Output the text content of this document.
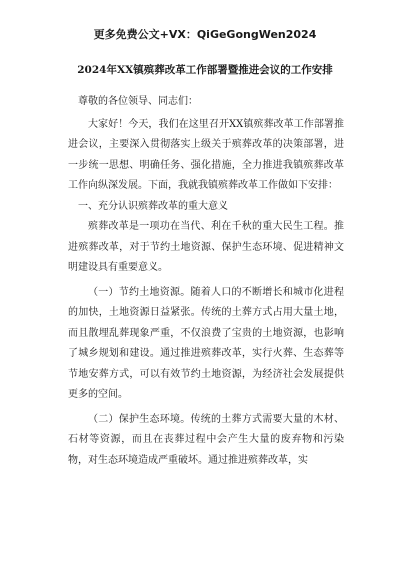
更多免费公文+VX：QiGeGongWen2024
2024年XX镇殡葬改革工作部署暨推进会议的工作安排

尊敬的各位领导、同志们：

大家好！今天，我们在这里召开XX镇殡葬改革工作部署推进会议，主要深入贯彻落实上级关于殡葬改革的决策部署，进一步统一思想、明确任务、强化措施，全力推进我镇殡葬改革工作向纵深发展。下面，我就我镇殡葬改革工作做如下安排：

一、充分认识殡葬改革的重大意义

殡葬改革是一项功在当代、利在千秋的重大民生工程。推进殡葬改革，对于节约土地资源、保护生态环境、促进精神文明建设具有重要意义。

（一）节约土地资源。随着人口的不断增长和城市化进程的加快，土地资源日益紧张。传统的土葬方式占用大量土地，而且散埋乱葬现象严重，不仅浪费了宝贵的土地资源，也影响了城乡规划和建设。通过推进殡葬改革，实行火葬、生态葬等节地安葬方式，可以有效节约土地资源，为经济社会发展提供更多的空间。

（二）保护生态环境。传统的土葬方式需要大量的木材、石材等资源，而且在丧葬过程中会产生大量的废弃物和污染物，对生态环境造成严重破坏。通过推进殡葬改革，实
